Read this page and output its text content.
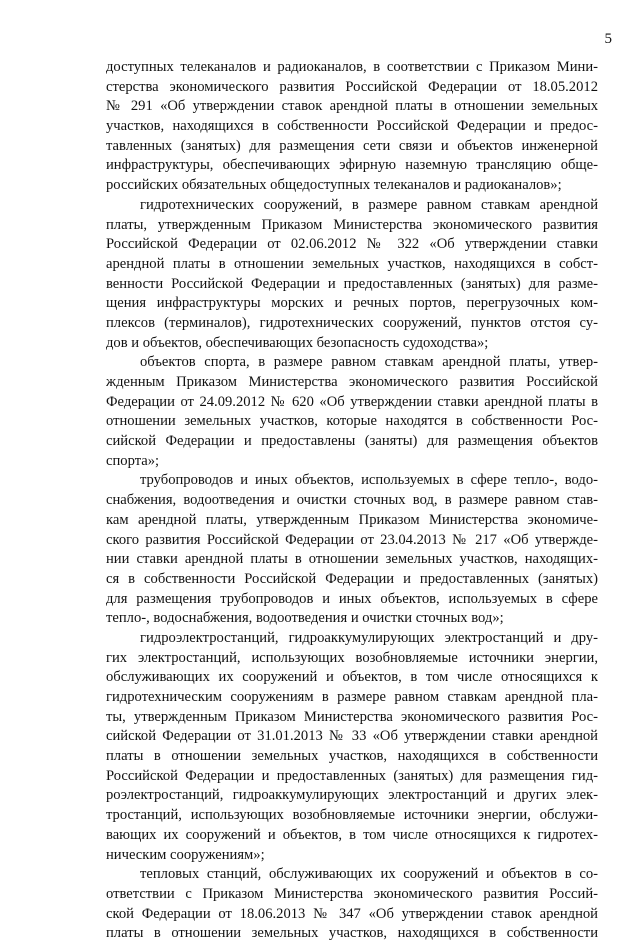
5
доступных телеканалов и радиоканалов, в соответствии с Приказом Мини-
стерства экономического развития Российской Федерации от 18.05.2012
№ 291 «Об утверждении ставок арендной платы в отношении земельных
участков, находящихся в собственности Российской Федерации и предос-
тавленных (занятых) для размещения сети связи и объектов инженерной
инфраструктуры, обеспечивающих эфирную наземную трансляцию обще-
российских обязательных общедоступных телеканалов и радиоканалов»;
гидротехнических сооружений, в размере равном ставкам арендной
платы, утвержденным Приказом Министерства экономического развития
Российской Федерации от 02.06.2012 № 322 «Об утверждении ставки
арендной платы в отношении земельных участков, находящихся в собст-
венности Российской Федерации и предоставленных (занятых) для разме-
щения инфраструктуры морских и речных портов, перегрузочных ком-
плексов (терминалов), гидротехнических сооружений, пунктов отстоя су-
дов и объектов, обеспечивающих безопасность судоходства»;
объектов спорта, в размере равном ставкам арендной платы, утвер-
жденным Приказом Министерства экономического развития Российской
Федерации от 24.09.2012 № 620 «Об утверждении ставки арендной платы в
отношении земельных участков, которые находятся в собственности Рос-
сийской Федерации и предоставлены (заняты) для размещения объектов
спорта»;
трубопроводов и иных объектов, используемых в сфере тепло-, водо-
снабжения, водоотведения и очистки сточных вод, в размере равном став-
кам арендной платы, утвержденным Приказом Министерства экономиче-
ского развития Российской Федерации от 23.04.2013 № 217 «Об утвержде-
нии ставки арендной платы в отношении земельных участков, находящих-
ся в собственности Российской Федерации и предоставленных (занятых)
для размещения трубопроводов и иных объектов, используемых в сфере
тепло-, водоснабжения, водоотведения и очистки сточных вод»;
гидроэлектростанций, гидроаккумулирующих электростанций и дру-
гих электростанций, использующих возобновляемые источники энергии,
обслуживающих их сооружений и объектов, в том числе относящихся к
гидротехническим сооружениям в размере равном ставкам арендной пла-
ты, утвержденным Приказом Министерства экономического развития Рос-
сийской Федерации от 31.01.2013 № 33 «Об утверждении ставки арендной
платы в отношении земельных участков, находящихся в собственности
Российской Федерации и предоставленных (занятых) для размещения гид-
роэлектростанций, гидроаккумулирующих электростанций и других элек-
тростанций, использующих возобновляемые источники энергии, обслужи-
вающих их сооружений и объектов, в том числе относящихся к гидротех-
ническим сооружениям»;
тепловых станций, обслуживающих их сооружений и объектов в со-
ответствии с Приказом Министерства экономического развития Россий-
ской Федерации от 18.06.2013 № 347 «Об утверждении ставок арендной
платы в отношении земельных участков, находящихся в собственности
